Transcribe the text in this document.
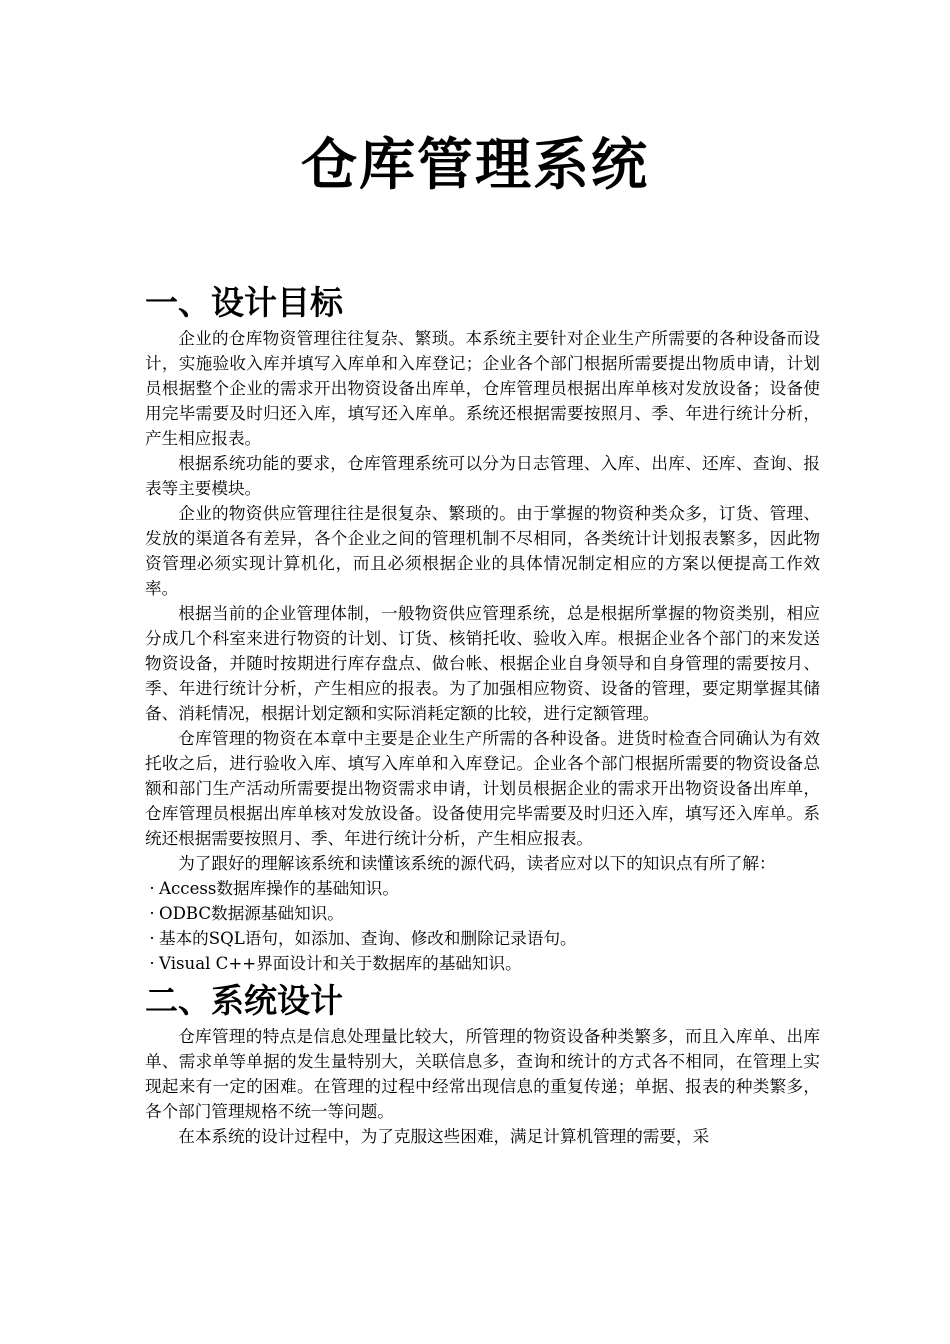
仓库管理系统
一、设计目标

企业的仓库物资管理往往复杂、繁琐。本系统主要针对企业生产所需要的各种设备而设计，实施验收入库并填写入库单和入库登记；企业各个部门根据所需要提出物质申请，计划员根据整个企业的需求开出物资设备出库单，仓库管理员根据出库单核对发放设备；设备使用完毕需要及时归还入库，填写还入库单。系统还根据需要按照月、季、年进行统计分析，产生相应报表。

根据系统功能的要求，仓库管理系统可以分为日志管理、入库、出库、还库、查询、报表等主要模块。

企业的物资供应管理往往是很复杂、繁琐的。由于掌握的物资种类众多，订货、管理、发放的渠道各有差异，各个企业之间的管理机制不尽相同，各类统计计划报表繁多，因此物资管理必须实现计算机化，而且必须根据企业的具体情况制定相应的方案以便提高工作效率。

根据当前的企业管理体制，一般物资供应管理系统，总是根据所掌握的物资类别，相应分成几个科室来进行物资的计划、订货、核销托收、验收入库。根据企业各个部门的来发送物资设备，并随时按期进行库存盘点、做台帐、根据企业自身领导和自身管理的需要按月、季、年进行统计分析，产生相应的报表。为了加强相应物资、设备的管理，要定期掌握其储备、消耗情况，根据计划定额和实际消耗定额的比较，进行定额管理。

仓库管理的物资在本章中主要是企业生产所需的各种设备。进货时检查合同确认为有效托收之后，进行验收入库、填写入库单和入库登记。企业各个部门根据所需要的物资设备总额和部门生产活动所需要提出物资需求申请，计划员根据企业的需求开出物资设备出库单，仓库管理员根据出库单核对发放设备。设备使用完毕需要及时归还入库，填写还入库单。系统还根据需要按照月、季、年进行统计分析，产生相应报表。

为了跟好的理解该系统和读懂该系统的源代码，读者应对以下的知识点有所了解：

· Access数据库操作的基础知识。
· ODBC数据源基础知识。
· 基本的SQL语句，如添加、查询、修改和删除记录语句。
· Visual C++界面设计和关于数据库的基础知识。
二、系统设计

仓库管理的特点是信息处理量比较大，所管理的物资设备种类繁多，而且入库单、出库单、需求单等单据的发生量特别大，关联信息多，查询和统计的方式各不相同，在管理上实现起来有一定的困难。在管理的过程中经常出现信息的重复传递；单据、报表的种类繁多，各个部门管理规格不统一等问题。

在本系统的设计过程中，为了克服这些困难，满足计算机管理的需要，采
